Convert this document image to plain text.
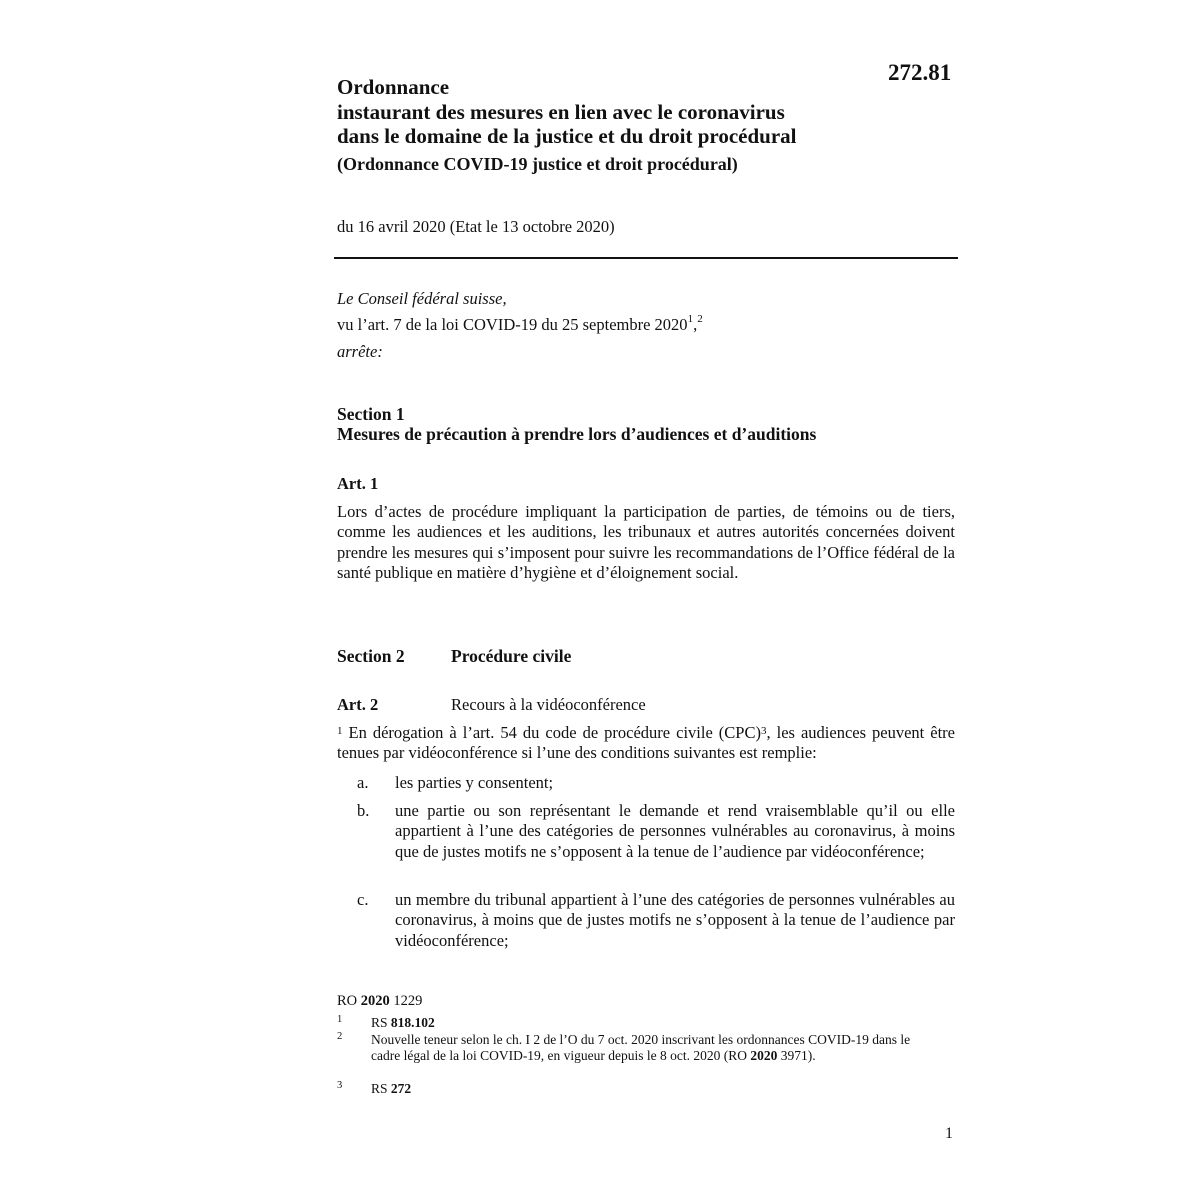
272.81
Ordonnance
instaurant des mesures en lien avec le coronavirus
dans le domaine de la justice et du droit procédural
(Ordonnance COVID-19 justice et droit procédural)
du 16 avril 2020 (Etat le 13 octobre 2020)
Le Conseil fédéral suisse,
vu l’art. 7 de la loi COVID-19 du 25 septembre 2020$^1$,$^2$
arrête:
Section 1
Mesures de précaution à prendre lors d’audiences et d’auditions
Art. 1
Lors d’actes de procédure impliquant la participation de parties, de témoins ou de tiers, comme les audiences et les auditions, les tribunaux et autres autorités concernées doivent prendre les mesures qui s’imposent pour suivre les recommandations de l’Office fédéral de la santé publique en matière d’hygiène et d’éloignement social.
Section 2	Procédure civile
Art. 2	Recours à la vidéoconférence
$^1$ En dérogation à l’art. 54 du code de procédure civile (CPC)$^3$, les audiences peuvent être tenues par vidéoconférence si l’une des conditions suivantes est remplie:
a. les parties y consentent;
b. une partie ou son représentant le demande et rend vraisemblable qu’il ou elle appartient à l’une des catégories de personnes vulnérables au coronavirus, à moins que de justes motifs ne s’opposent à la tenue de l’audience par vidéoconférence;
c. un membre du tribunal appartient à l’une des catégories de personnes vulnérables au coronavirus, à moins que de justes motifs ne s’opposent à la tenue de l’audience par vidéoconférence;
RO 2020 1229
1 RS 818.102
2 Nouvelle teneur selon le ch. I 2 de l’O du 7 oct. 2020 inscrivant les ordonnances COVID-19 dans le cadre légal de la loi COVID-19, en vigueur depuis le 8 oct. 2020 (RO 2020 3971).
3 RS 272
1
